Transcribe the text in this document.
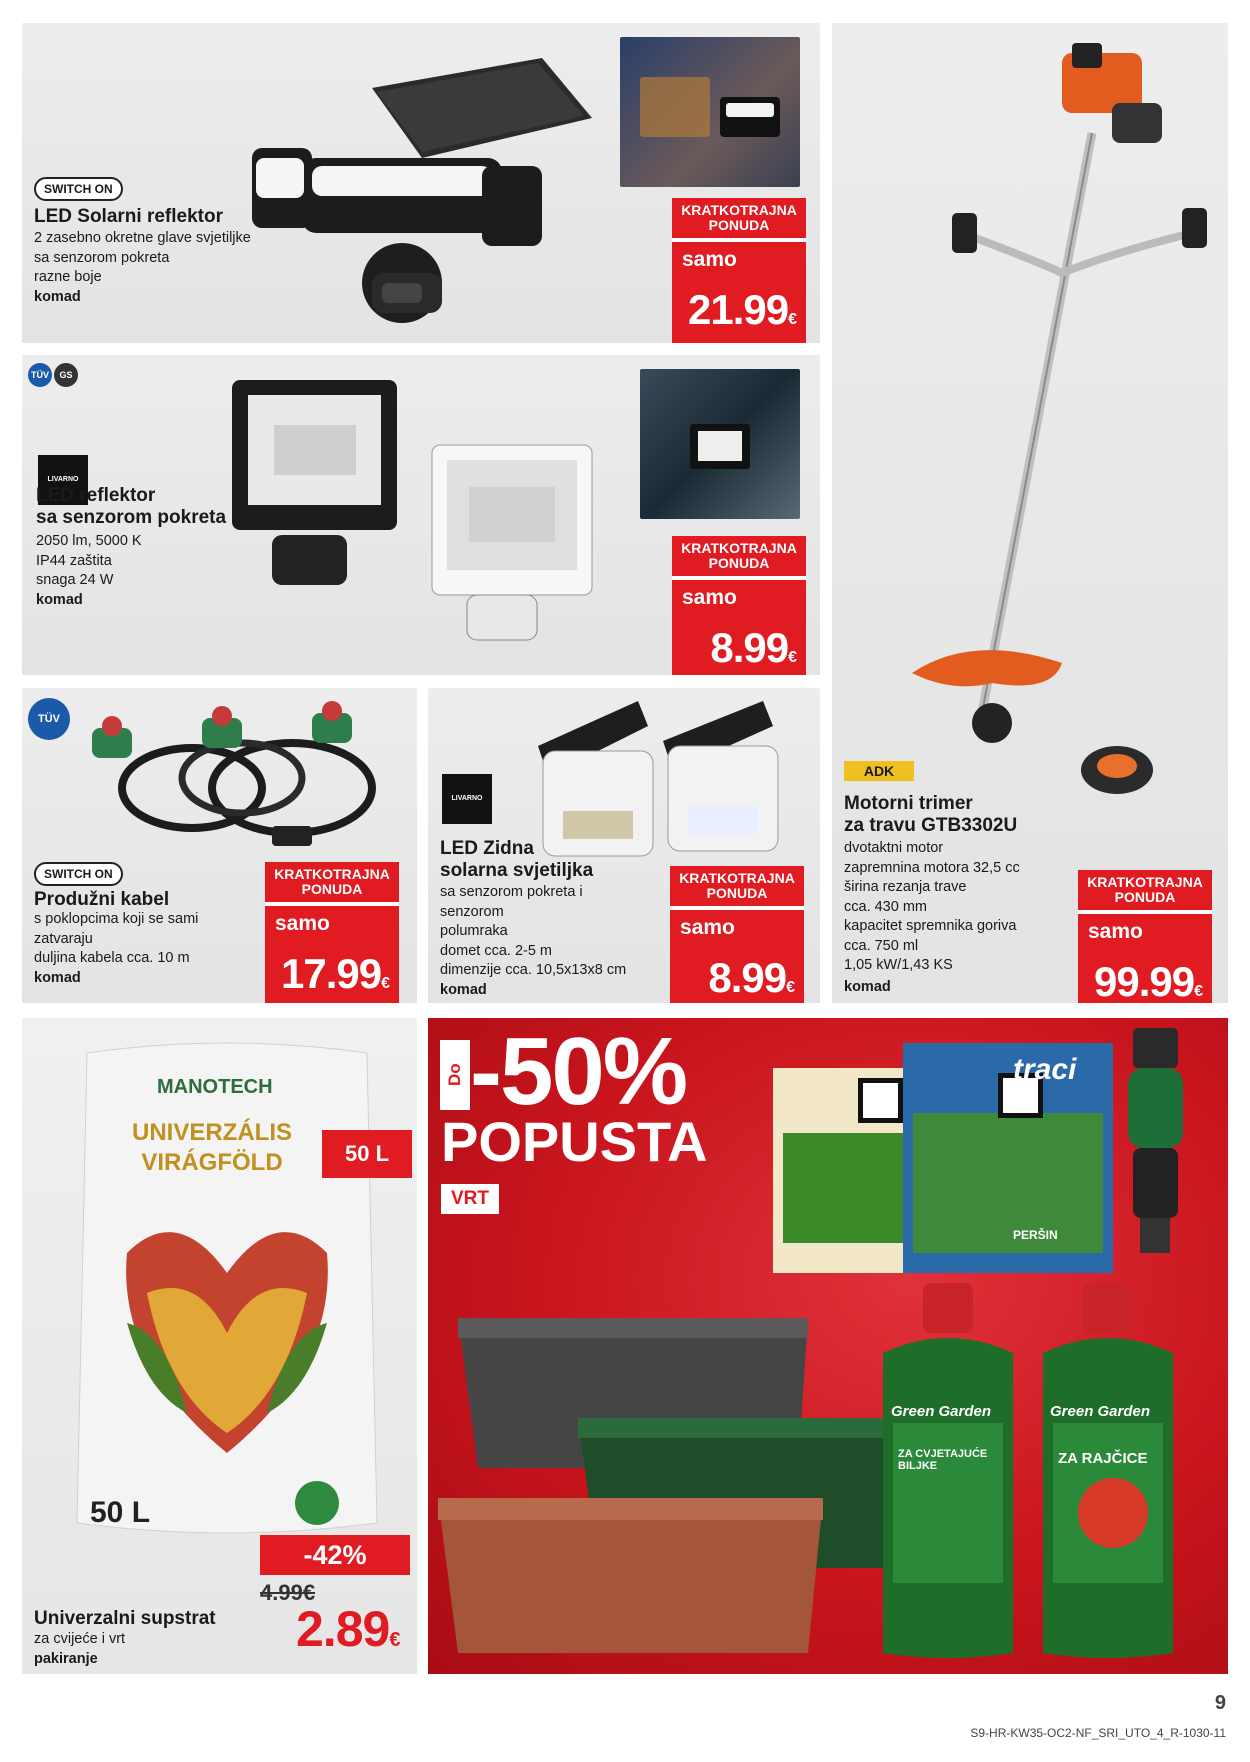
SWITCH ON
LED Solarni reflektor
2 zasebno okretne glave svjetiljke
sa senzorom pokreta
razne boje
komad
KRATKOTRAJNA PONUDA
samo
21.99€
TÜV	GS
LIVARNO
LED reflektor
sa senzorom pokreta
2050 lm, 5000 K
IP44 zaštita
snaga 24 W
komad
KRATKOTRAJNA PONUDA
samo
8.99€
TÜV
SWITCH ON
Produžni kabel
s poklopcima koji se sami
zatvaraju
duljina kabela cca. 10 m
komad
KRATKOTRAJNA PONUDA
samo
17.99€
LIVARNO
LED Zidna
solarna svjetiljka
sa senzorom pokreta i
senzorom
polumraka
domet cca. 2-5 m
dimenzije cca. 10,5x13x8 cm
komad
KRATKOTRAJNA PONUDA
samo
8.99€
ADK
Motorni trimer
za travu GTB3302U
dvotaktni motor
zapremnina motora 32,5 cc
širina rezanja trave
cca. 430 mm
kapacitet spremnika goriva
cca. 750 ml
1,05 kW/1,43 KS
komad
KRATKOTRAJNA PONUDA
samo
99.99€
MANOTECH
UNIVERZÁLIS VIRÁGFÖLD
50 L
50 L
Univerzalni supstrat
za cvijeće i vrt
pakiranje
-42%
4.99€
2.89€
traci
PERŠIN
Green Garden	Green Garden
ZA CVJETAJUĆE BILJKE	ZA RAJČICE
Do -50%
POPUSTA
VRT
9
S9-HR-KW35-OC2-NF_SRI_UTO_4_R-1030-11
